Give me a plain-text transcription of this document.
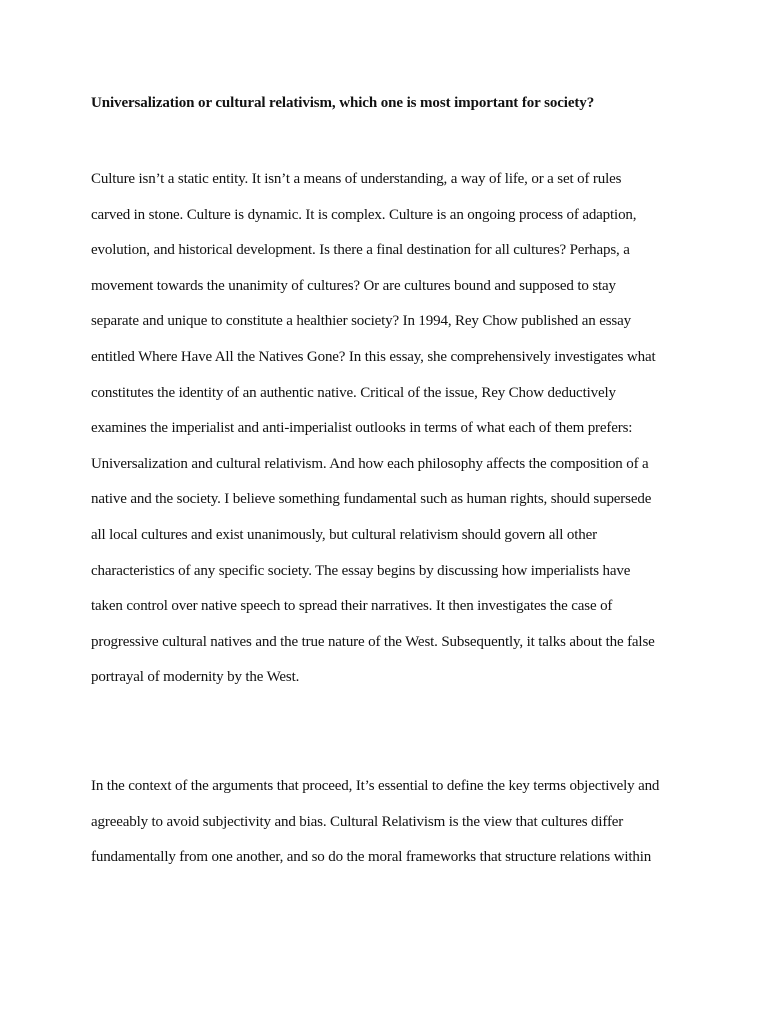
Universalization or cultural relativism, which one is most important for society?
Culture isn’t a static entity. It isn’t a means of understanding, a way of life, or a set of rules
carved in stone. Culture is dynamic. It is complex. Culture is an ongoing process of adaption,
evolution, and historical development. Is there a final destination for all cultures? Perhaps, a
movement towards the unanimity of cultures? Or are cultures bound and supposed to stay
separate and unique to constitute a healthier society? In 1994, Rey Chow published an essay
entitled Where Have All the Natives Gone? In this essay, she comprehensively investigates what
constitutes the identity of an authentic native. Critical of the issue, Rey Chow deductively
examines the imperialist and anti-imperialist outlooks in terms of what each of them prefers:
Universalization and cultural relativism. And how each philosophy affects the composition of a
native and the society. I believe something fundamental such as human rights, should supersede
all local cultures and exist unanimously, but cultural relativism should govern all other
characteristics of any specific society. The essay begins by discussing how imperialists have
taken control over native speech to spread their narratives. It then investigates the case of
progressive cultural natives and the true nature of the West. Subsequently, it talks about the false
portrayal of modernity by the West.
In the context of the arguments that proceed, It’s essential to define the key terms objectively and
agreeably to avoid subjectivity and bias. Cultural Relativism is the view that cultures differ
fundamentally from one another, and so do the moral frameworks that structure relations within
